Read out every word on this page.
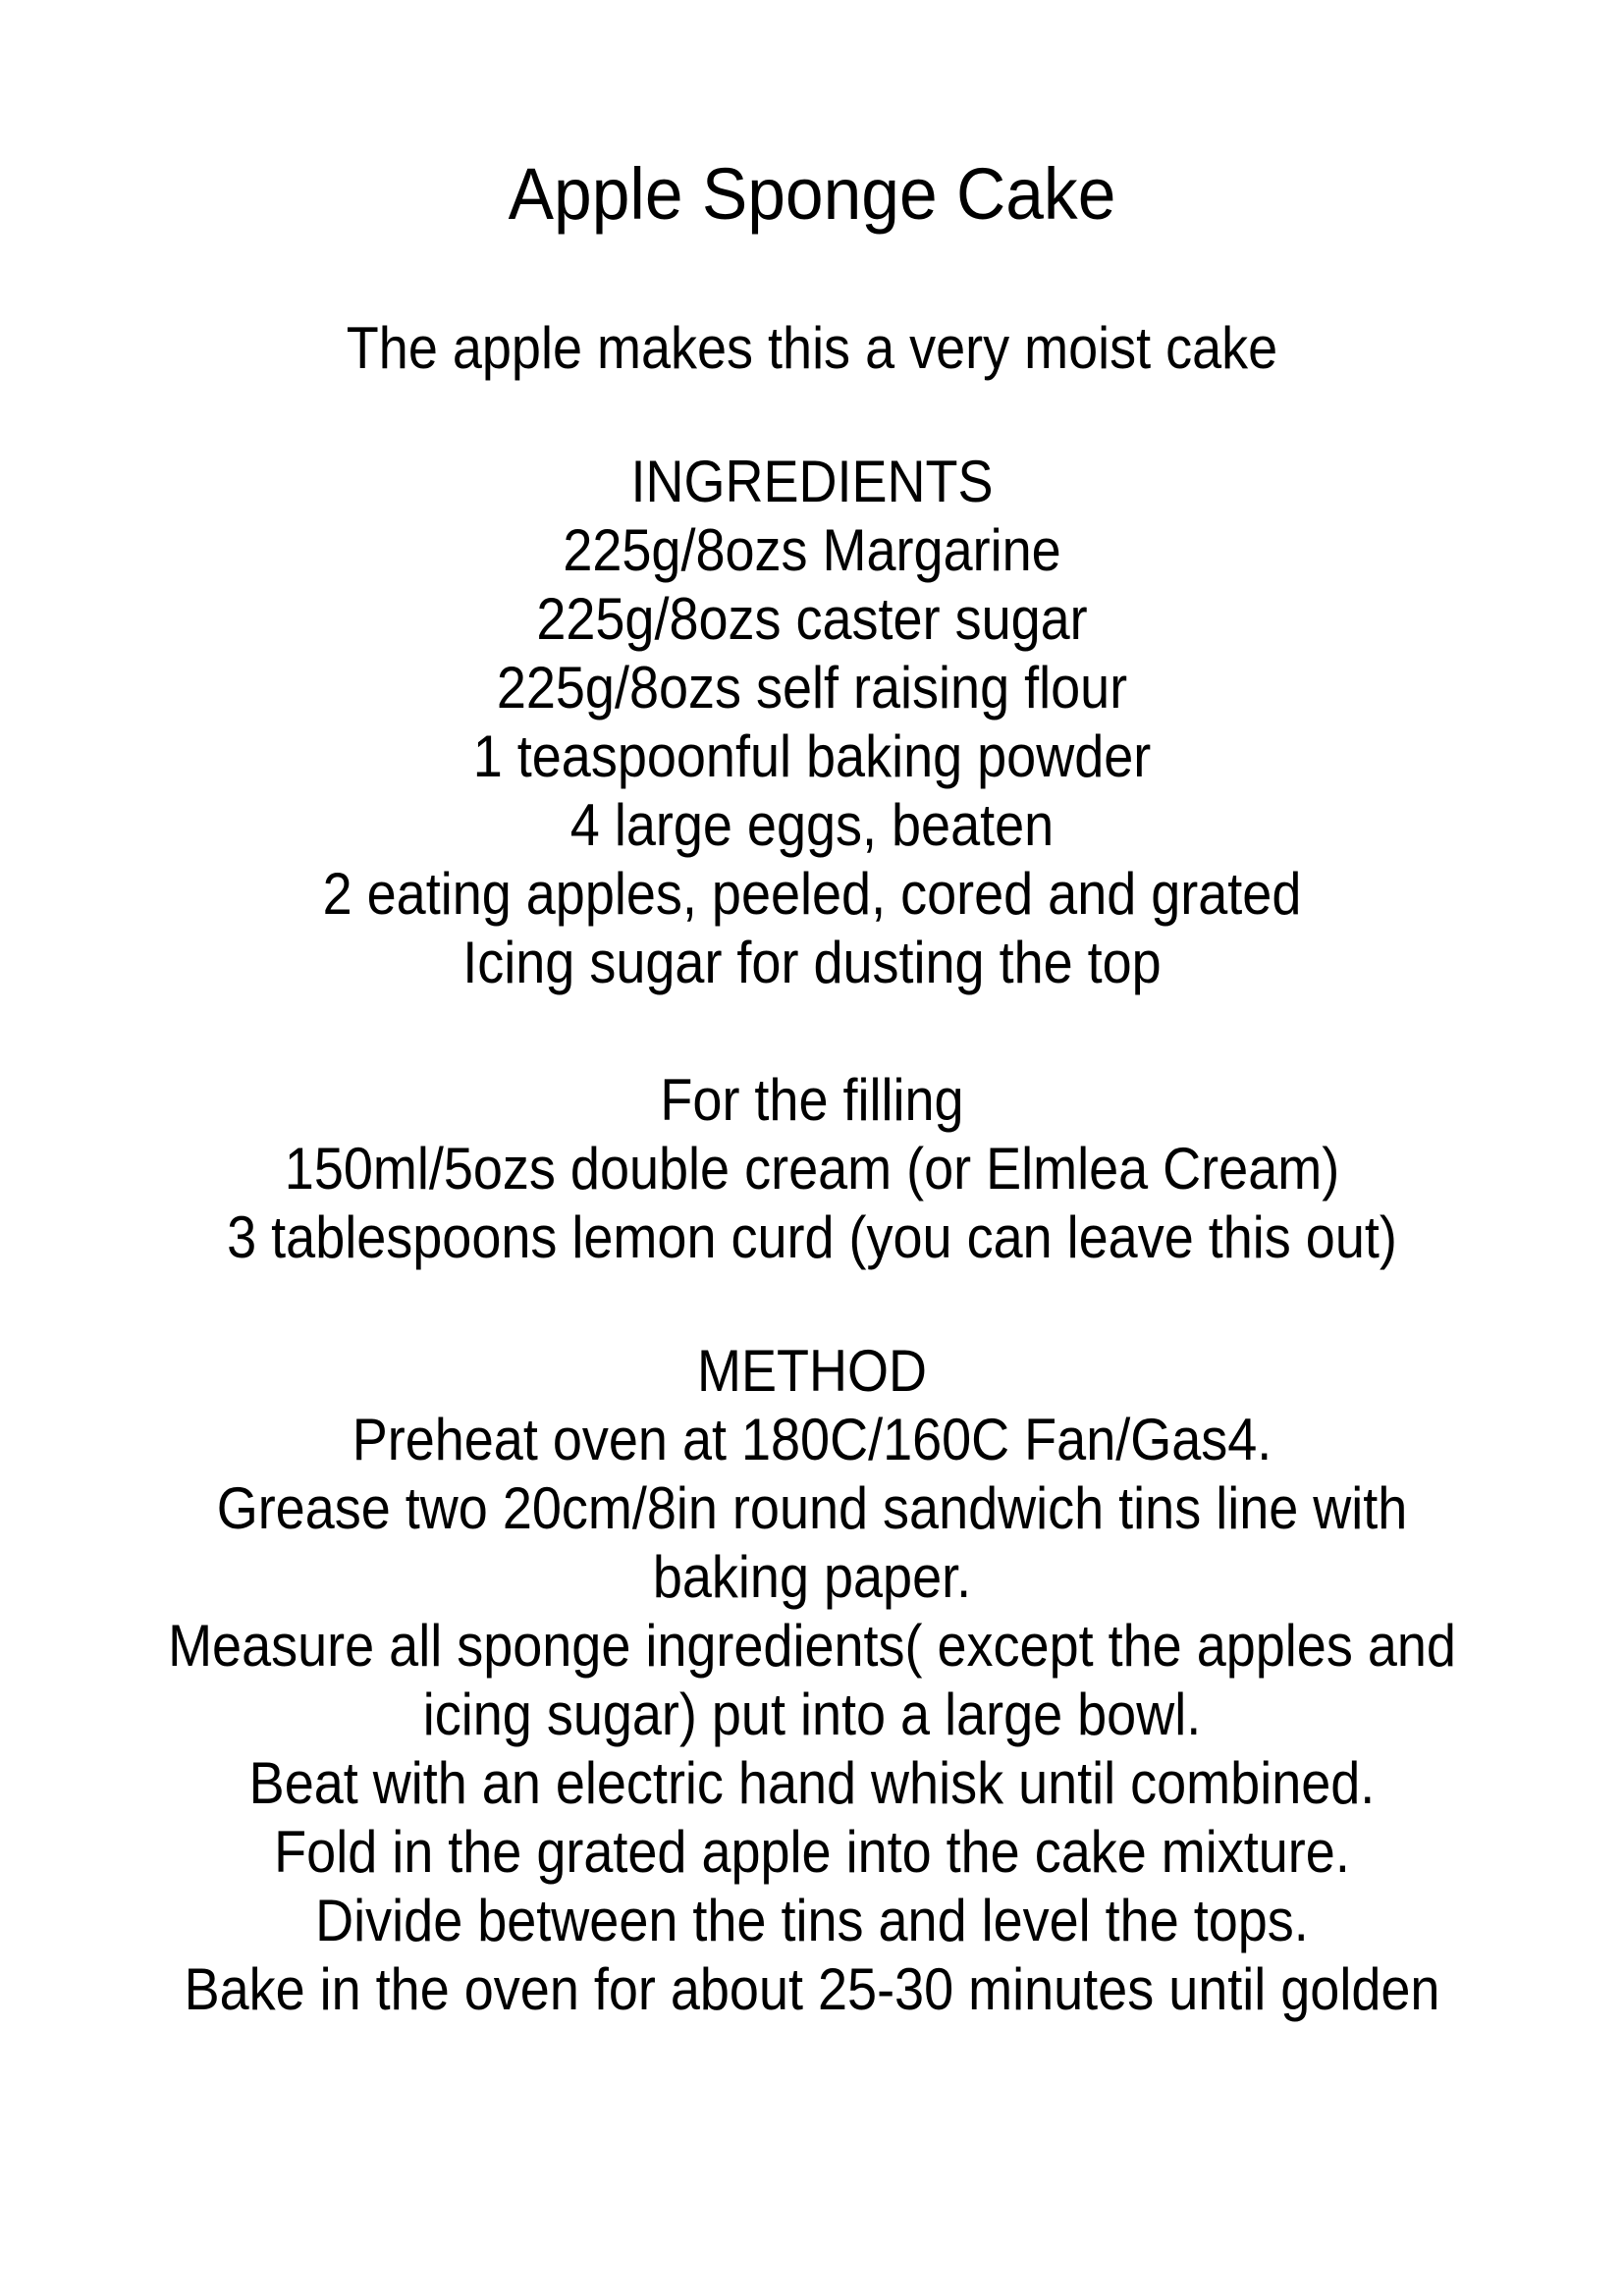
Apple Sponge Cake
The apple makes this a very moist cake
INGREDIENTS
225g/8ozs Margarine
225g/8ozs caster sugar
225g/8ozs self raising flour
1 teaspoonful baking powder
4 large eggs, beaten
2 eating apples, peeled, cored and grated
Icing sugar for dusting the top
For the filling
150ml/5ozs double cream (or Elmlea Cream)
3 tablespoons lemon curd (you can leave this out)
METHOD
Preheat oven at 180C/160C Fan/Gas4.
Grease two 20cm/8in round sandwich tins line with
baking paper.
Measure all sponge ingredients( except the apples and
icing sugar) put into a large bowl.
Beat with an electric hand whisk until combined.
Fold in the grated apple into the cake mixture.
Divide between the tins and level the tops.
Bake in the oven for about 25-30 minutes until golden
